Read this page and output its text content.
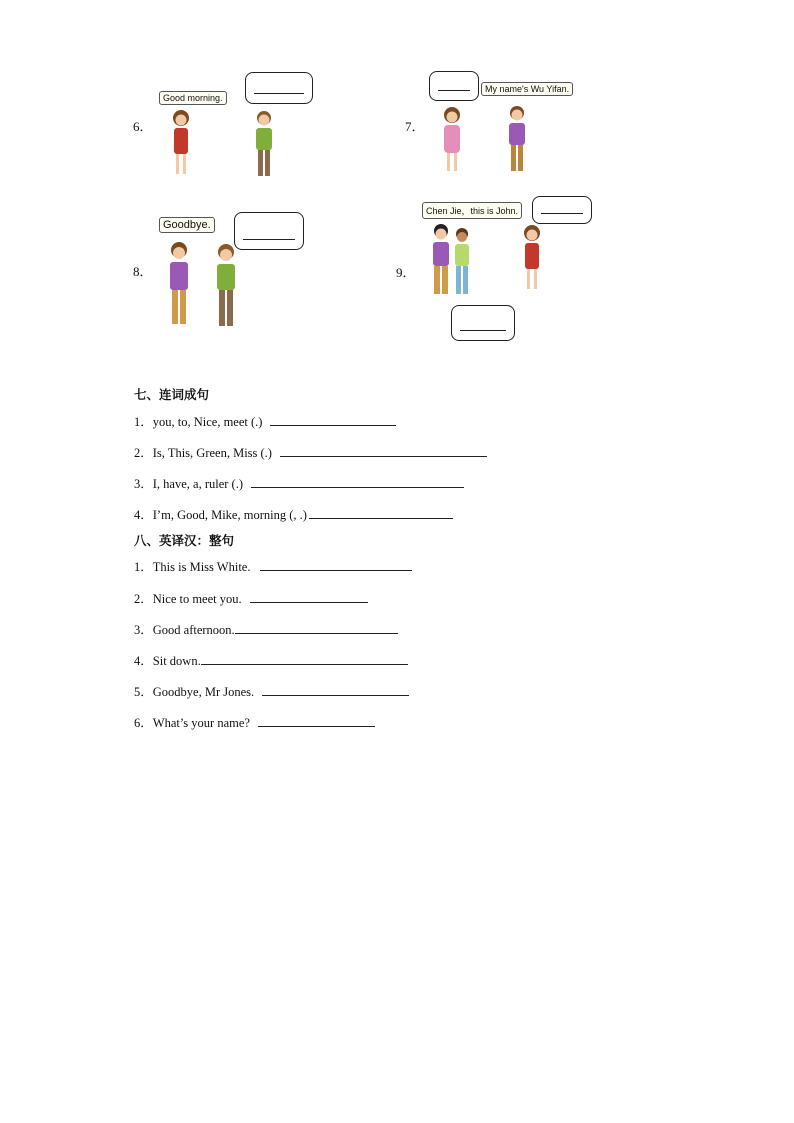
6．
Good morning.
7．
My name's Wu Yifan.
8．
Goodbye.
9．
Chen Jie，this is John.
七、连词成句
1．you, to, Nice, meet (.)
2．Is, This, Green, Miss (.)
3．I, have, a, ruler (.)
4．I’m, Good, Mike, morning (, .)
八、英译汉：整句
1．This is Miss White.
2．Nice to meet you.
3．Good afternoon.
4．Sit down.
5．Goodbye, Mr Jones.
6．What’s your name?
